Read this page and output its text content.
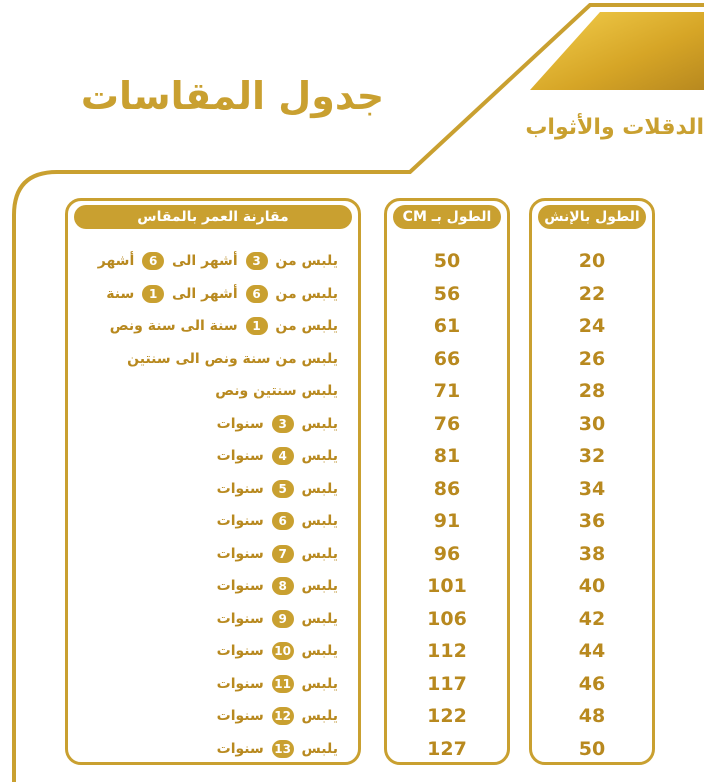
جدول المقاسات
الدقلات والأثواب
الطول بالإنش
20
22
24
26
28
30
32
34
36
38
40
42
44
46
48
50
الطول بـ CM
50
56
61
66
71
76
81
86
91
96
101
106
112
117
122
127
مقارنة العمر بالمقاس
يلبس من 3 أشهر الى 6 أشهر
يلبس من 6 أشهر الى 1 سنة
يلبس من 1 سنة الى سنة ونص
يلبس من سنة ونص الى سنتين
يلبس سنتين ونص
يلبس 3 سنوات
يلبس 4 سنوات
يلبس 5 سنوات
يلبس 6 سنوات
يلبس 7 سنوات
يلبس 8 سنوات
يلبس 9 سنوات
يلبس 10 سنوات
يلبس 11 سنوات
يلبس 12 سنوات
يلبس 13 سنوات
